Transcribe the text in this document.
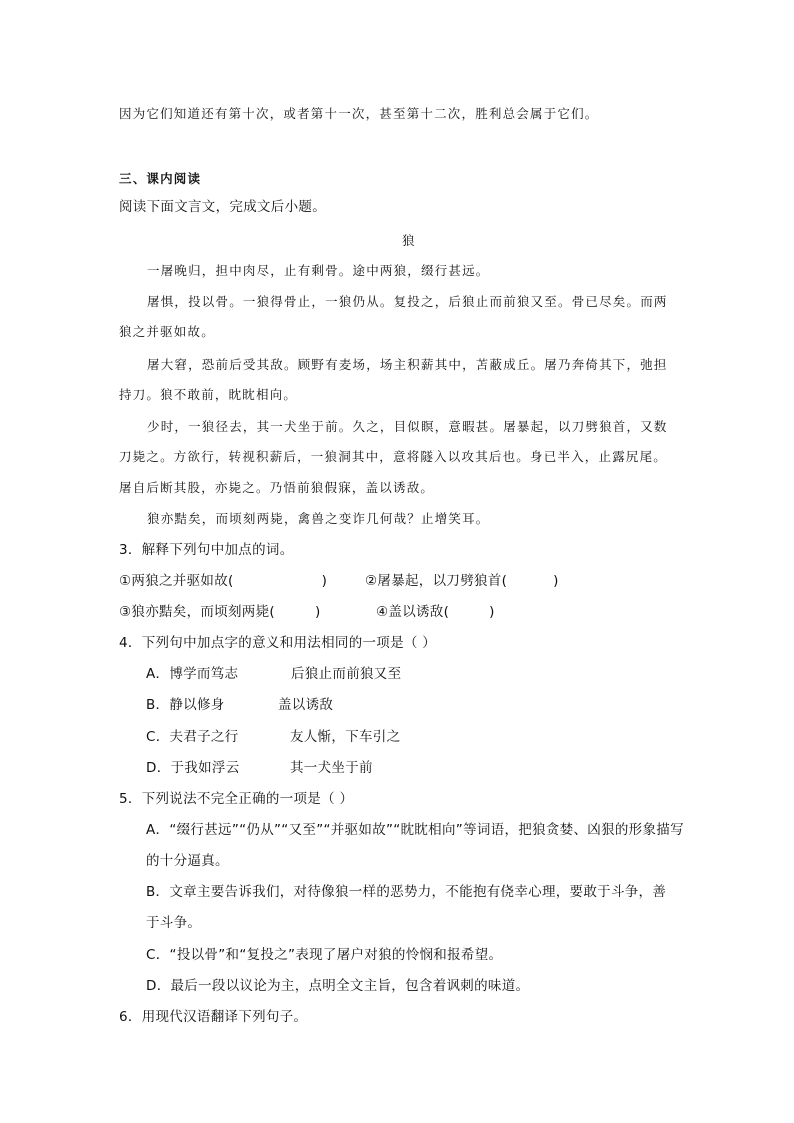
因为它们知道还有第十次，或者第十一次，甚至第十二次，胜利总会属于它们。
三、课内阅读
阅读下面文言文，完成文后小题。
狼
一屠晚归，担中肉尽，止有剩骨。途中两狼，缀行甚远。
屠惧，投以骨。一狼得骨止，一狼仍从。复投之，后狼止而前狼又至。骨已尽矣。而两
狼之并驱如故。
屠大窘，恐前后受其敌。顾野有麦场，场主积薪其中，苫蔽成丘。屠乃奔倚其下，弛担
持刀。狼不敢前，眈眈相向。
少时，一狼径去，其一犬坐于前。久之，目似瞑，意暇甚。屠暴起，以刀劈狼首，又数
刀毙之。方欲行，转视积薪后，一狼洞其中，意将隧入以攻其后也。身已半入，止露尻尾。
屠自后断其股，亦毙之。乃悟前狼假寐，盖以诱敌。
狼亦黠矣，而顷刻两毙，禽兽之变诈几何哉？止增笑耳。
3．解释下列句中加点的词。
①两狼之并驱如故(	)	②屠暴起，以刀劈狼首(	)
③狼亦黠矣，而顷刻两毙(	)	④盖以诱敌(	)
4．下列句中加点字的意义和用法相同的一项是（ ）
A．博学而笃志	后狼止而前狼又至
B．静以修身	盖以诱敌
C．夫君子之行	友人惭，下车引之
D．于我如浮云	其一犬坐于前
5．下列说法不完全正确的一项是（ ）
A．“缀行甚远”“仍从”“又至”“并驱如故”“眈眈相向”等词语，把狼贪婪、凶狠的形象描写
的十分逼真。
B．文章主要告诉我们，对待像狼一样的恶势力，不能抱有侥幸心理，要敢于斗争，善
于斗争。
C．“投以骨”和“复投之”表现了屠户对狼的怜悯和报希望。
D．最后一段以议论为主，点明全文主旨，包含着讽刺的味道。
6．用现代汉语翻译下列句子。
